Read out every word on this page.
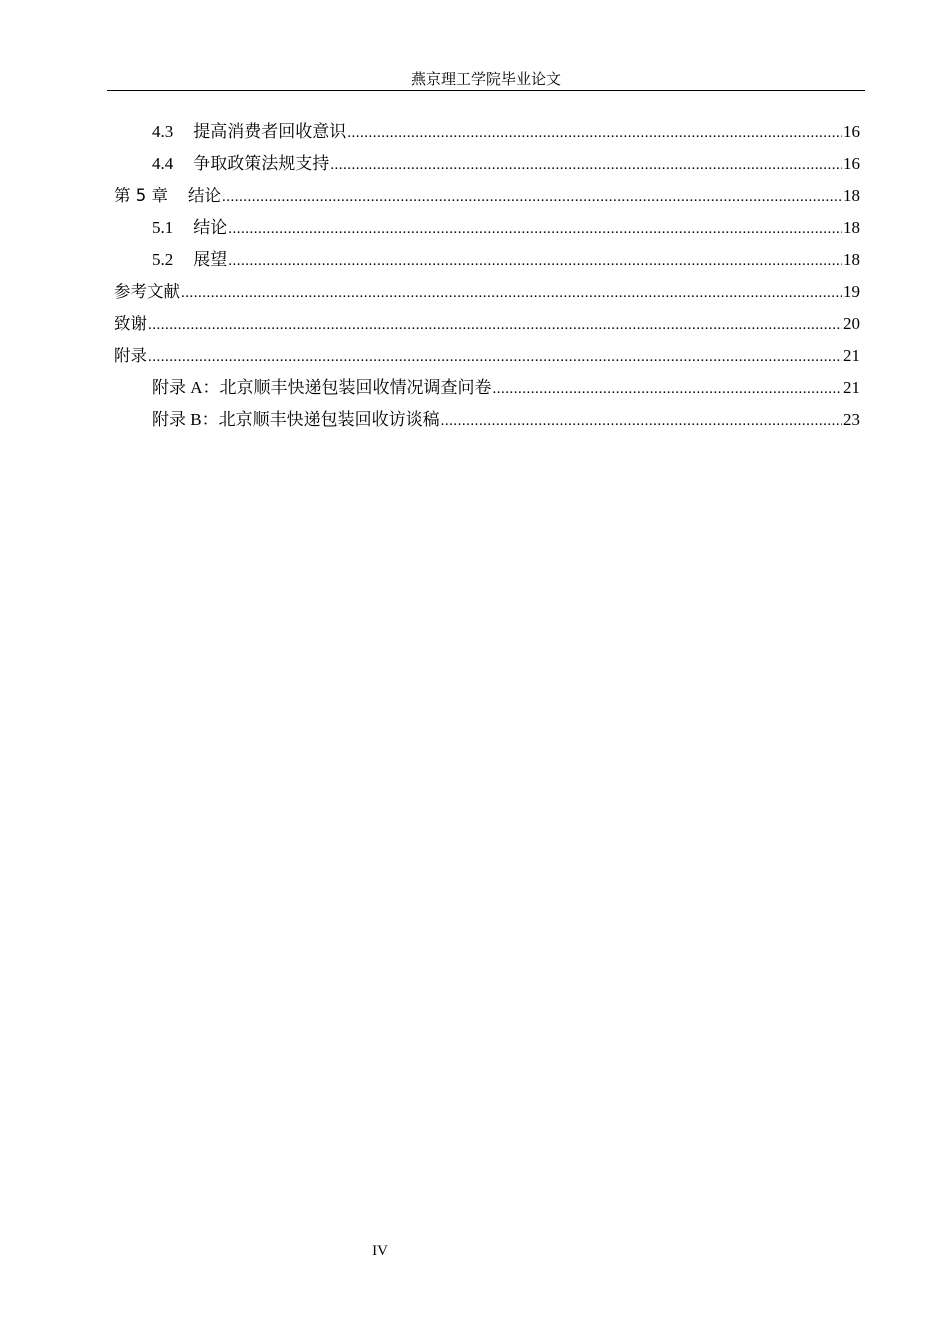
燕京理工学院毕业论文
4.3 提高消费者回收意识 .....	16
4.4 争取政策法规支持 .....	16
第 5 章 结论 .....	18
5.1 结论 .....	18
5.2 展望 .....	18
参考文献 .....	19
致谢 .....	20
附录 .....	21
附录 A：北京顺丰快递包装回收情况调查问卷 .....	21
附录 B：北京顺丰快递包装回收访谈稿 .....	23
IV
